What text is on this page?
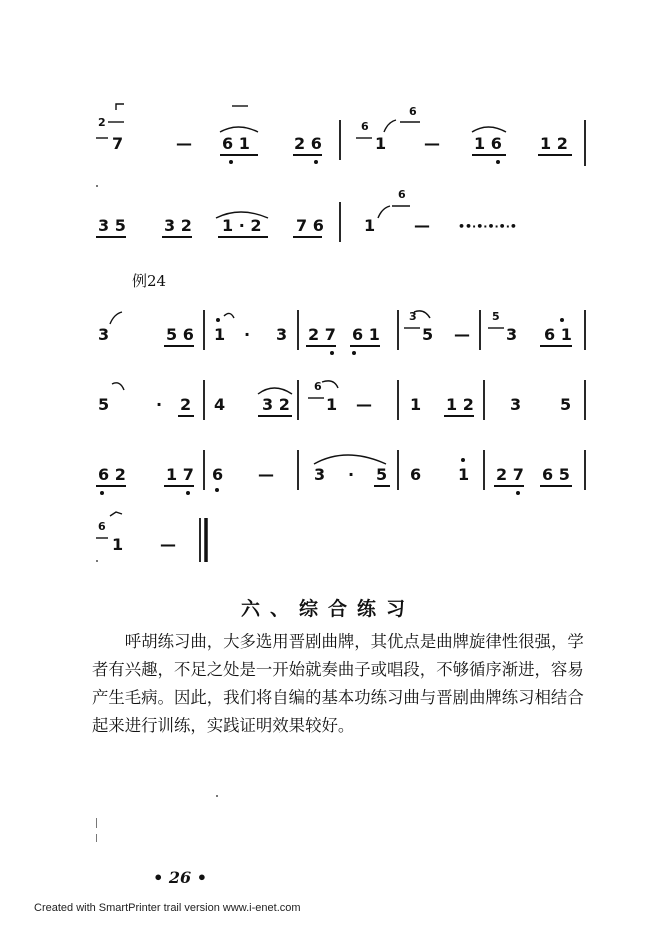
2
7	— 6 1	2 6
6
1
6
— 1 6 1 2
3 5 3 2 1 · 2 7 6	1
6
—	••·•·•·•·•
例24
3	5 6 1 · 3 2 7 6 1
3
5 —
5
3 6 1
5	· 2 4 3 2
6
1 — 1 1 2 3 5
6 2	1 7 6 —	3 · 5 6 1 2 7 6 5
6
1 —
六、综合练习

呼胡练习曲，大多选用晋剧曲牌，其优点是曲牌旋律性很强，学者有兴趣，不足之处是一开始就奏曲子或唱段，不够循序渐进，容易产生毛病。因此，我们将自编的基本功练习曲与晋剧曲牌练习相结合起来进行训练，实践证明效果较好。

• 26 •
Created with SmartPrinter trail version www.i-enet.com
